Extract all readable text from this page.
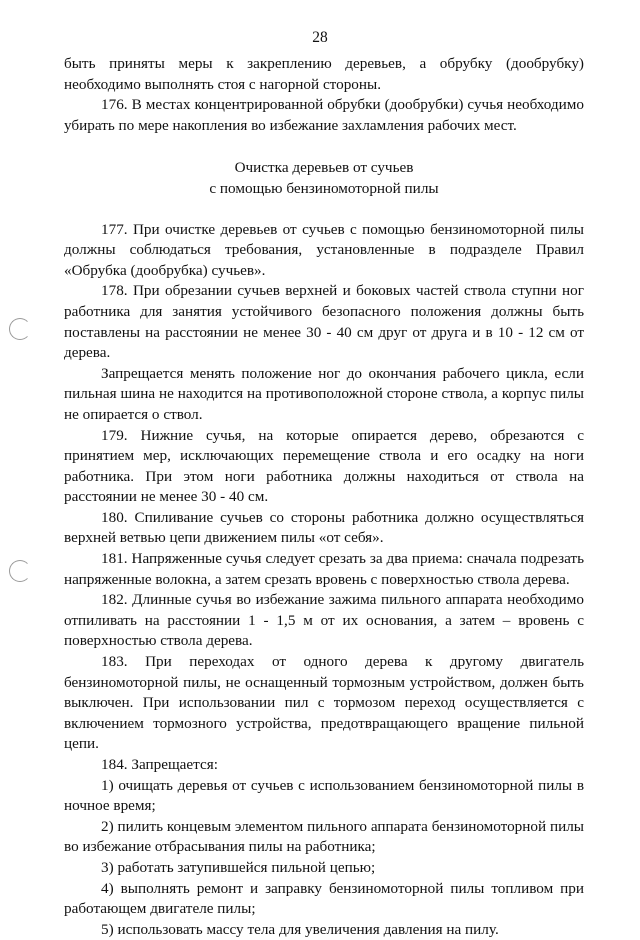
28

быть приняты меры к закреплению деревьев, а обрубку (дообрубку) необходимо выполнять стоя с нагорной стороны.

176. В местах концентрированной обрубки (дообрубки) сучья необходимо убирать по мере накопления во избежание захламления рабочих мест.

Очистка деревьев от сучьев
с помощью бензиномоторной пилы

177. При очистке деревьев от сучьев с помощью бензиномоторной пилы должны соблюдаться требования, установленные в подразделе Правил «Обрубка (дообрубка) сучьев».

178. При обрезании сучьев верхней и боковых частей ствола ступни ног работника для занятия устойчивого безопасного положения должны быть поставлены на расстоянии не менее 30 - 40 см друг от друга и в 10 - 12 см от дерева.

Запрещается менять положение ног до окончания рабочего цикла, если пильная шина не находится на противоположной стороне ствола, а корпус пилы не опирается о ствол.

179. Нижние сучья, на которые опирается дерево, обрезаются с принятием мер, исключающих перемещение ствола и его осадку на ноги работника. При этом ноги работника должны находиться от ствола на расстоянии не менее 30 - 40 см.

180. Спиливание сучьев со стороны работника должно осуществляться верхней ветвью цепи движением пилы «от себя».

181. Напряженные сучья следует срезать за два приема: сначала подрезать напряженные волокна, а затем срезать вровень с поверхностью ствола дерева.

182. Длинные сучья во избежание зажима пильного аппарата необходимо отпиливать на расстоянии 1 - 1,5 м от их основания, а затем – вровень с поверхностью ствола дерева.

183. При переходах от одного дерева к другому двигатель бензиномоторной пилы, не оснащенный тормозным устройством, должен быть выключен. При использовании пил с тормозом переход осуществляется с включением тормозного устройства, предотвращающего вращение пильной цепи.

184. Запрещается:

1) очищать деревья от сучьев с использованием бензиномоторной пилы в ночное время;

2) пилить концевым элементом пильного аппарата бензиномоторной пилы во избежание отбрасывания пилы на работника;

3) работать затупившейся пильной цепью;

4) выполнять ремонт и заправку бензиномоторной пилы топливом при работающем двигателе пилы;

5) использовать массу тела для увеличения давления на пилу.
